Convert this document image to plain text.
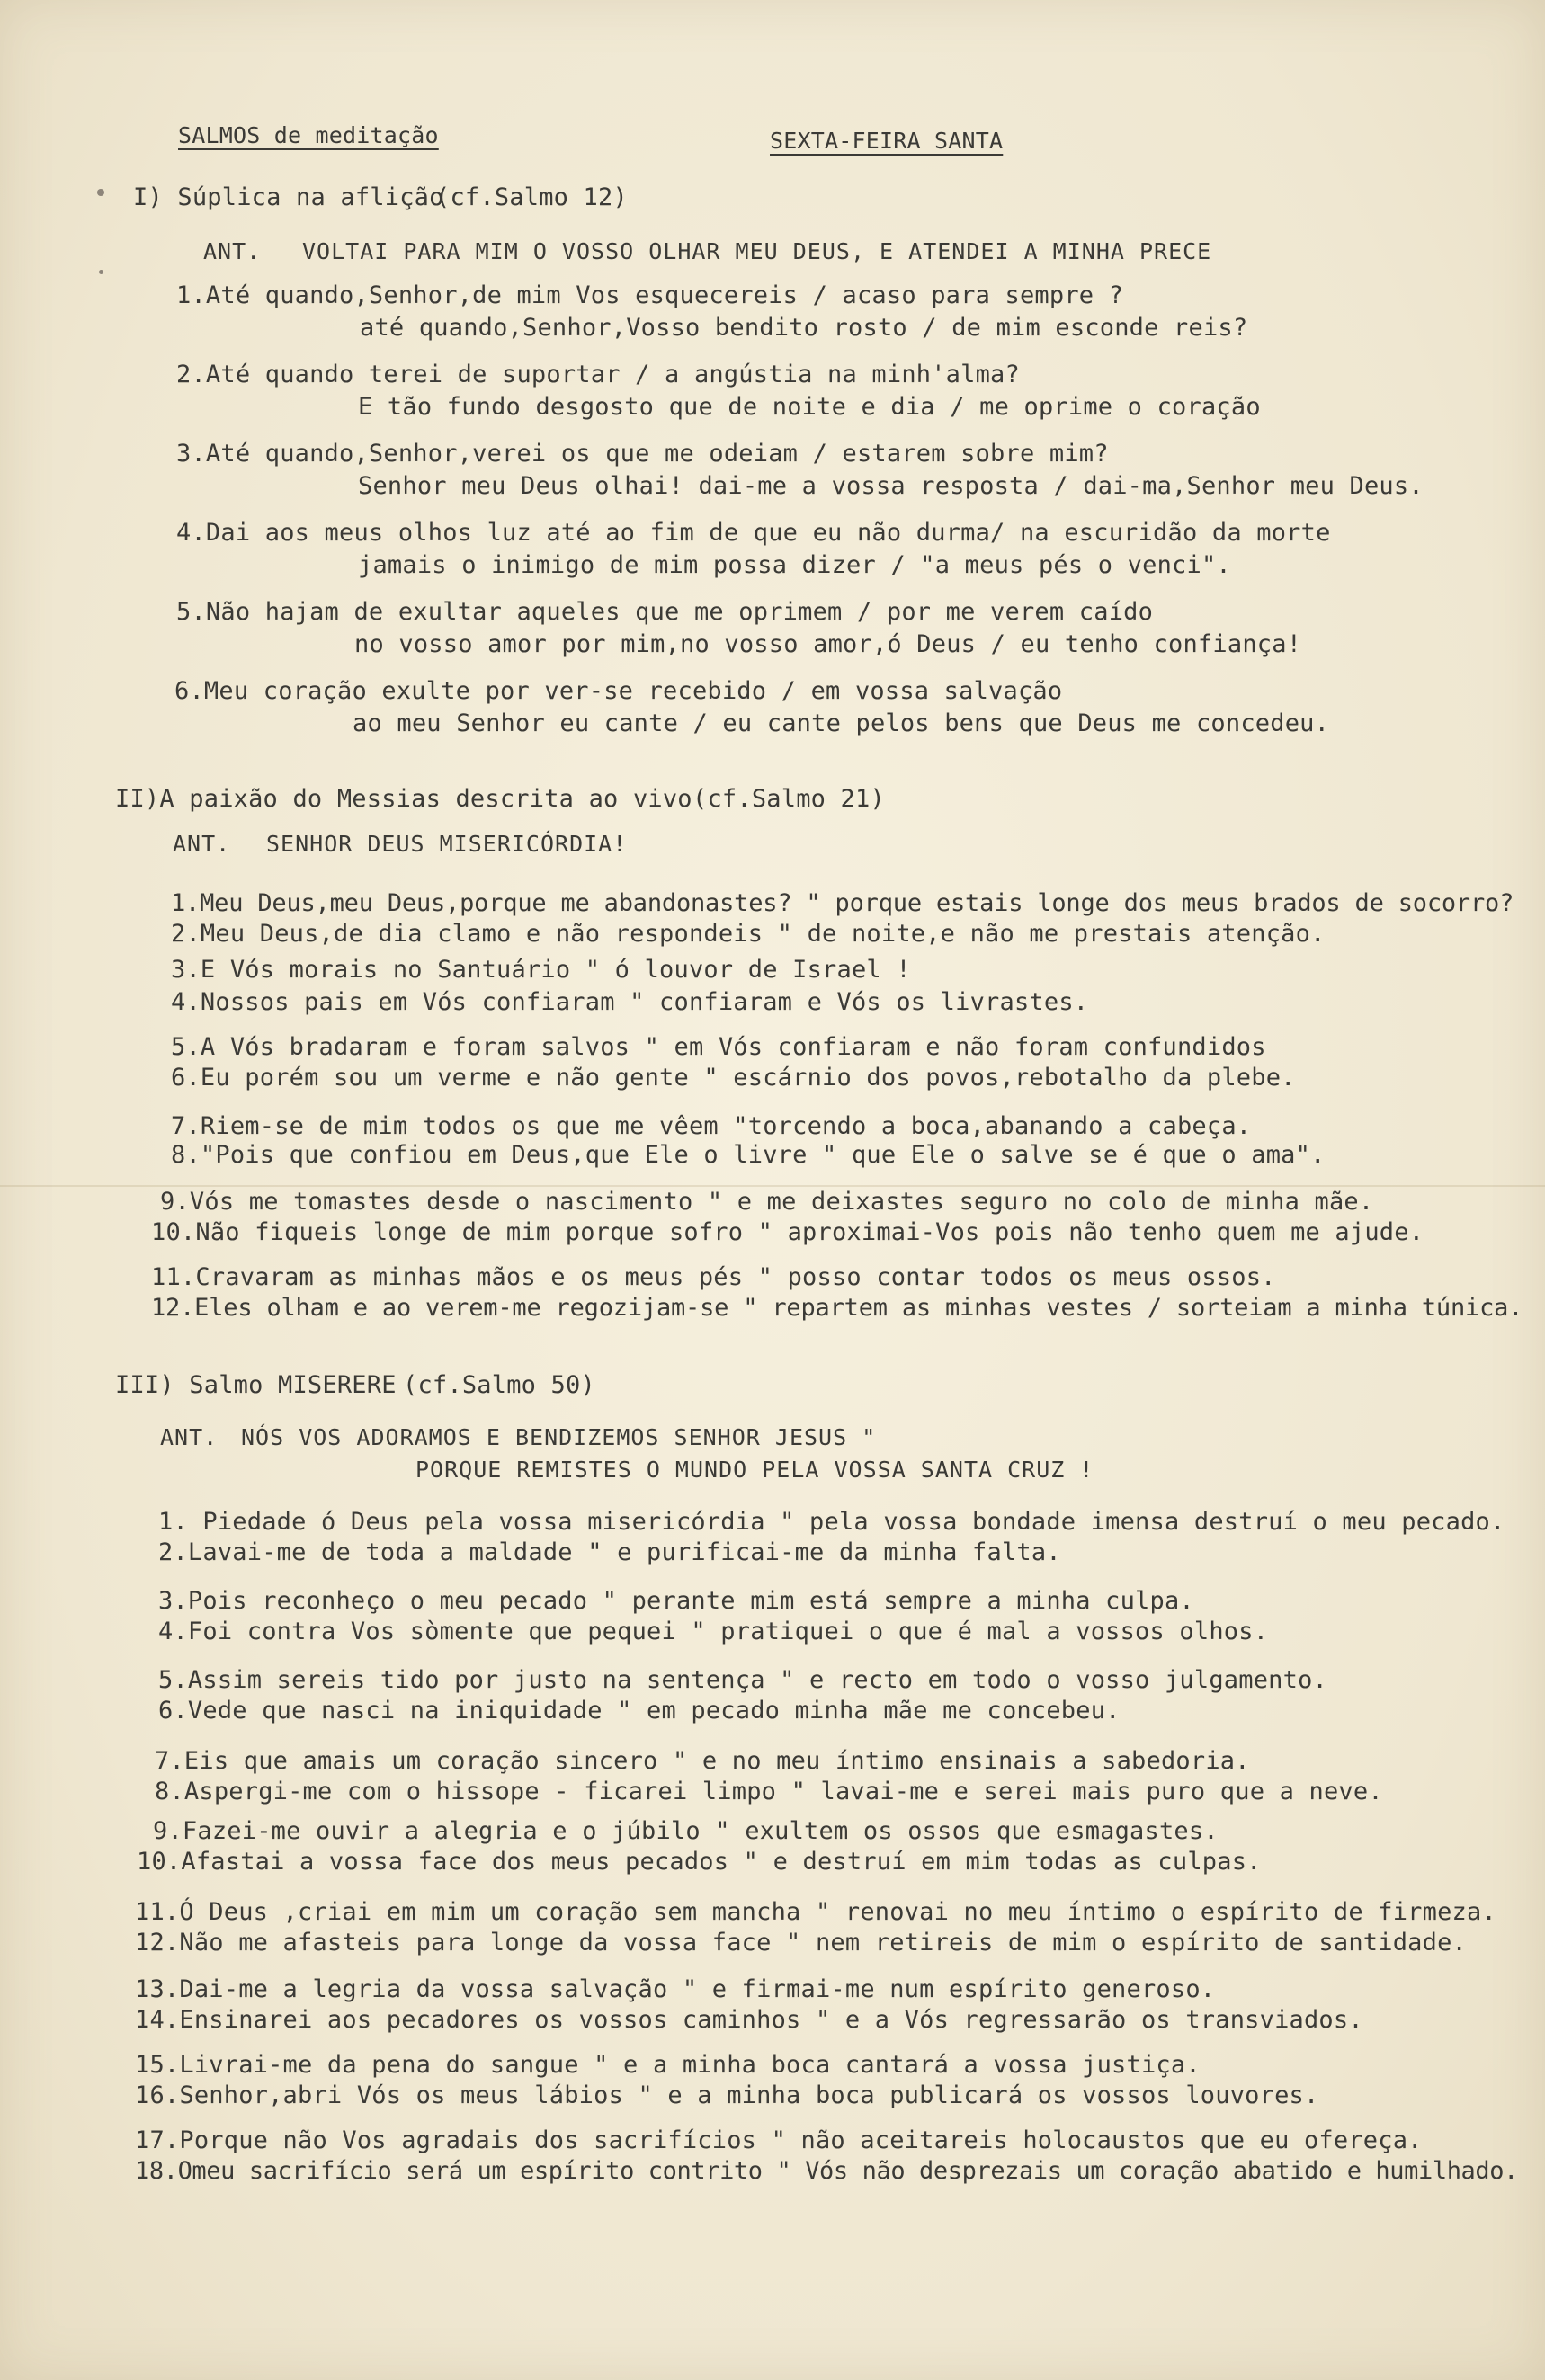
SALMOS de meditação	SEXTA-FEIRA SANTA
I) Súplica na aflição
(cf.Salmo 12)
ANT. VOLTAI PARA MIM O VOSSO OLHAR MEU DEUS, E ATENDEI A MINHA PRECE
1.Até quando,Senhor,de mim Vos esquecereis / acaso para sempre ?
até quando,Senhor,Vosso bendito rosto / de mim esconde reis?
2.Até quando terei de suportar / a angústia na minh'alma?
E tão fundo desgosto que de noite e dia / me oprime o coração
3.Até quando,Senhor,verei os que me odeiam / estarem sobre mim?
Senhor meu Deus olhai! dai-me a vossa resposta / dai-ma,Senhor meu Deus.
4.Dai aos meus olhos luz até ao fim de que eu não durma/ na escuridão da morte
jamais o inimigo de mim possa dizer / "a meus pés o venci".
5.Não hajam de exultar aqueles que me oprimem / por me verem caído
no vosso amor por mim,no vosso amor,ó Deus / eu tenho confiança!
6.Meu coração exulte por ver-se recebido / em vossa salvação
ao meu Senhor eu cante / eu cante pelos bens que Deus me concedeu.
II)A paixão do Messias descrita ao vivo (cf.Salmo 21)
ANT. SENHOR DEUS MISERICÓRDIA!
1.Meu Deus,meu Deus,porque me abandonastes? " porque estais longe dos meus brados de socorro?
2.Meu Deus,de dia clamo e não respondeis " de noite,e não me prestais atenção.
3.E Vós morais no Santuário " ó louvor de Israel !
4.Nossos pais em Vós confiaram " confiaram e Vós os livrastes.
5.A Vós bradaram e foram salvos " em Vós confiaram e não foram confundidos
6.Eu porém sou um verme e não gente " escárnio dos povos,rebotalho da plebe.
7.Riem-se de mim todos os que me vêem "torcendo a boca,abanando a cabeça.
8."Pois que confiou em Deus,que Ele o livre " que Ele o salve se é que o ama".
9.Vós me tomastes desde o nascimento " e me deixastes seguro no colo de minha mãe.
10.Não fiqueis longe de mim porque sofro " aproximai-Vos pois não tenho quem me ajude.
11.Cravaram as minhas mãos e os meus pés " posso contar todos os meus ossos.
12.Eles olham e ao verem-me regozijam-se " repartem as minhas vestes / sorteiam a minha túnica.
III) Salmo MISERERE (cf.Salmo 50)
ANT. NÓS VOS ADORAMOS E BENDIZEMOS SENHOR JESUS "
PORQUE REMISTES O MUNDO PELA VOSSA SANTA CRUZ !
1. Piedade ó Deus pela vossa misericórdia " pela vossa bondade imensa destruí o meu pecado.
2.Lavai-me de toda a maldade " e purificai-me da minha falta.
3.Pois reconheço o meu pecado " perante mim está sempre a minha culpa.
4.Foi contra Vos sòmente que pequei " pratiquei o que é mal a vossos olhos.
5.Assim sereis tido por justo na sentença " e recto em todo o vosso julgamento.
6.Vede que nasci na iniquidade " em pecado minha mãe me concebeu.
7.Eis que amais um coração sincero " e no meu íntimo ensinais a sabedoria.
8.Aspergi-me com o hissope - ficarei limpo " lavai-me e serei mais puro que a neve.
9.Fazei-me ouvir a alegria e o júbilo " exultem os ossos que esmagastes.
10.Afastai a vossa face dos meus pecados " e destruí em mim todas as culpas.
11.Ó Deus ,criai em mim um coração sem mancha " renovai no meu íntimo o espírito de firmeza.
12.Não me afasteis para longe da vossa face " nem retireis de mim o espírito de santidade.
13.Dai-me a legria da vossa salvação " e firmai-me num espírito generoso.
14.Ensinarei aos pecadores os vossos caminhos " e a Vós regressarão os transviados.
15.Livrai-me da pena do sangue " e a minha boca cantará a vossa justiça.
16.Senhor,abri Vós os meus lábios " e a minha boca publicará os vossos louvores.
17.Porque não Vos agradais dos sacrifícios " não aceitareis holocaustos que eu ofereça.
18.Omeu sacrifício será um espírito contrito " Vós não desprezais um coração abatido e humilhado.
